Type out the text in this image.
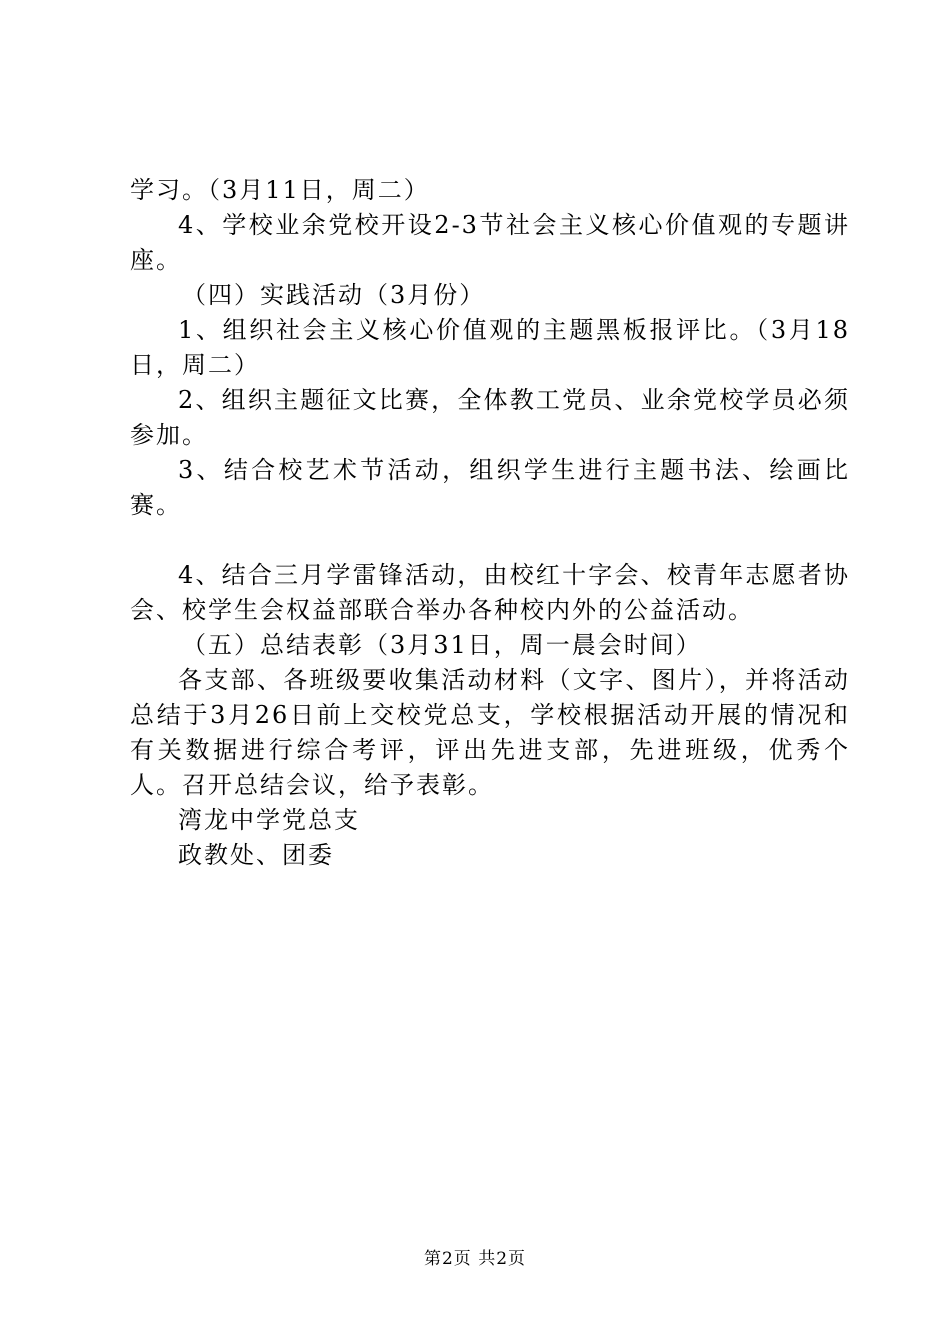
学习。（3月11日，周二）

4、学校业余党校开设2-3节社会主义核心价值观的专题讲座。

（四）实践活动（3月份）

1、组织社会主义核心价值观的主题黑板报评比。（3月18日，周二）

2、组织主题征文比赛，全体教工党员、业余党校学员必须参加。

3、结合校艺术节活动，组织学生进行主题书法、绘画比赛。

4、结合三月学雷锋活动，由校红十字会、校青年志愿者协会、校学生会权益部联合举办各种校内外的公益活动。

（五）总结表彰（3月31日，周一晨会时间）

各支部、各班级要收集活动材料（文字、图片），并将活动总结于3月26日前上交校党总支，学校根据活动开展的情况和有关数据进行综合考评，评出先进支部，先进班级，优秀个人。召开总结会议，给予表彰。

湾龙中学党总支

政教处、团委

第2页 共2页
